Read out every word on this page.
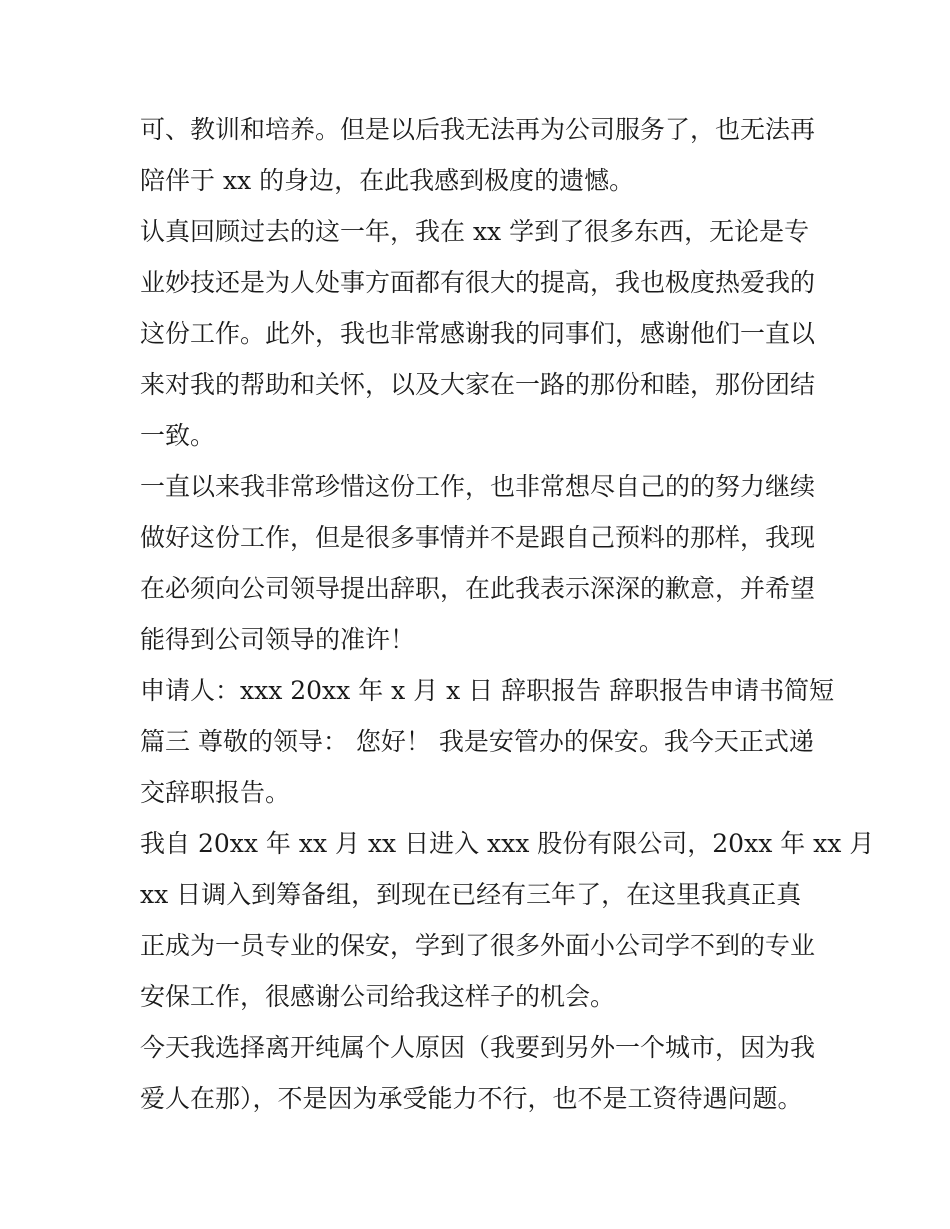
可、教训和培养。但是以后我无法再为公司服务了，也无法再
陪伴于 xx 的身边，在此我感到极度的遗憾。

认真回顾过去的这一年，我在 xx 学到了很多东西，无论是专
业妙技还是为人处事方面都有很大的提高，我也极度热爱我的
这份工作。此外，我也非常感谢我的同事们，感谢他们一直以
来对我的帮助和关怀，以及大家在一路的那份和睦，那份团结
一致。

一直以来我非常珍惜这份工作，也非常想尽自己的的努力继续
做好这份工作，但是很多事情并不是跟自己预料的那样，我现
在必须向公司领导提出辞职，在此我表示深深的歉意，并希望
能得到公司领导的准许！

申请人：xxx 20xx 年 x 月 x 日 辞职报告 辞职报告申请书简短
篇三 尊敬的领导： 您好！ 我是安管办的保安。我今天正式递
交辞职报告。

我自 20xx 年 xx 月 xx 日进入 xxx 股份有限公司，20xx 年 xx 月
xx 日调入到筹备组，到现在已经有三年了，在这里我真正真
正成为一员专业的保安，学到了很多外面小公司学不到的专业
安保工作，很感谢公司给我这样子的机会。

今天我选择离开纯属个人原因（我要到另外一个城市，因为我
爱人在那），不是因为承受能力不行，也不是工资待遇问题。
